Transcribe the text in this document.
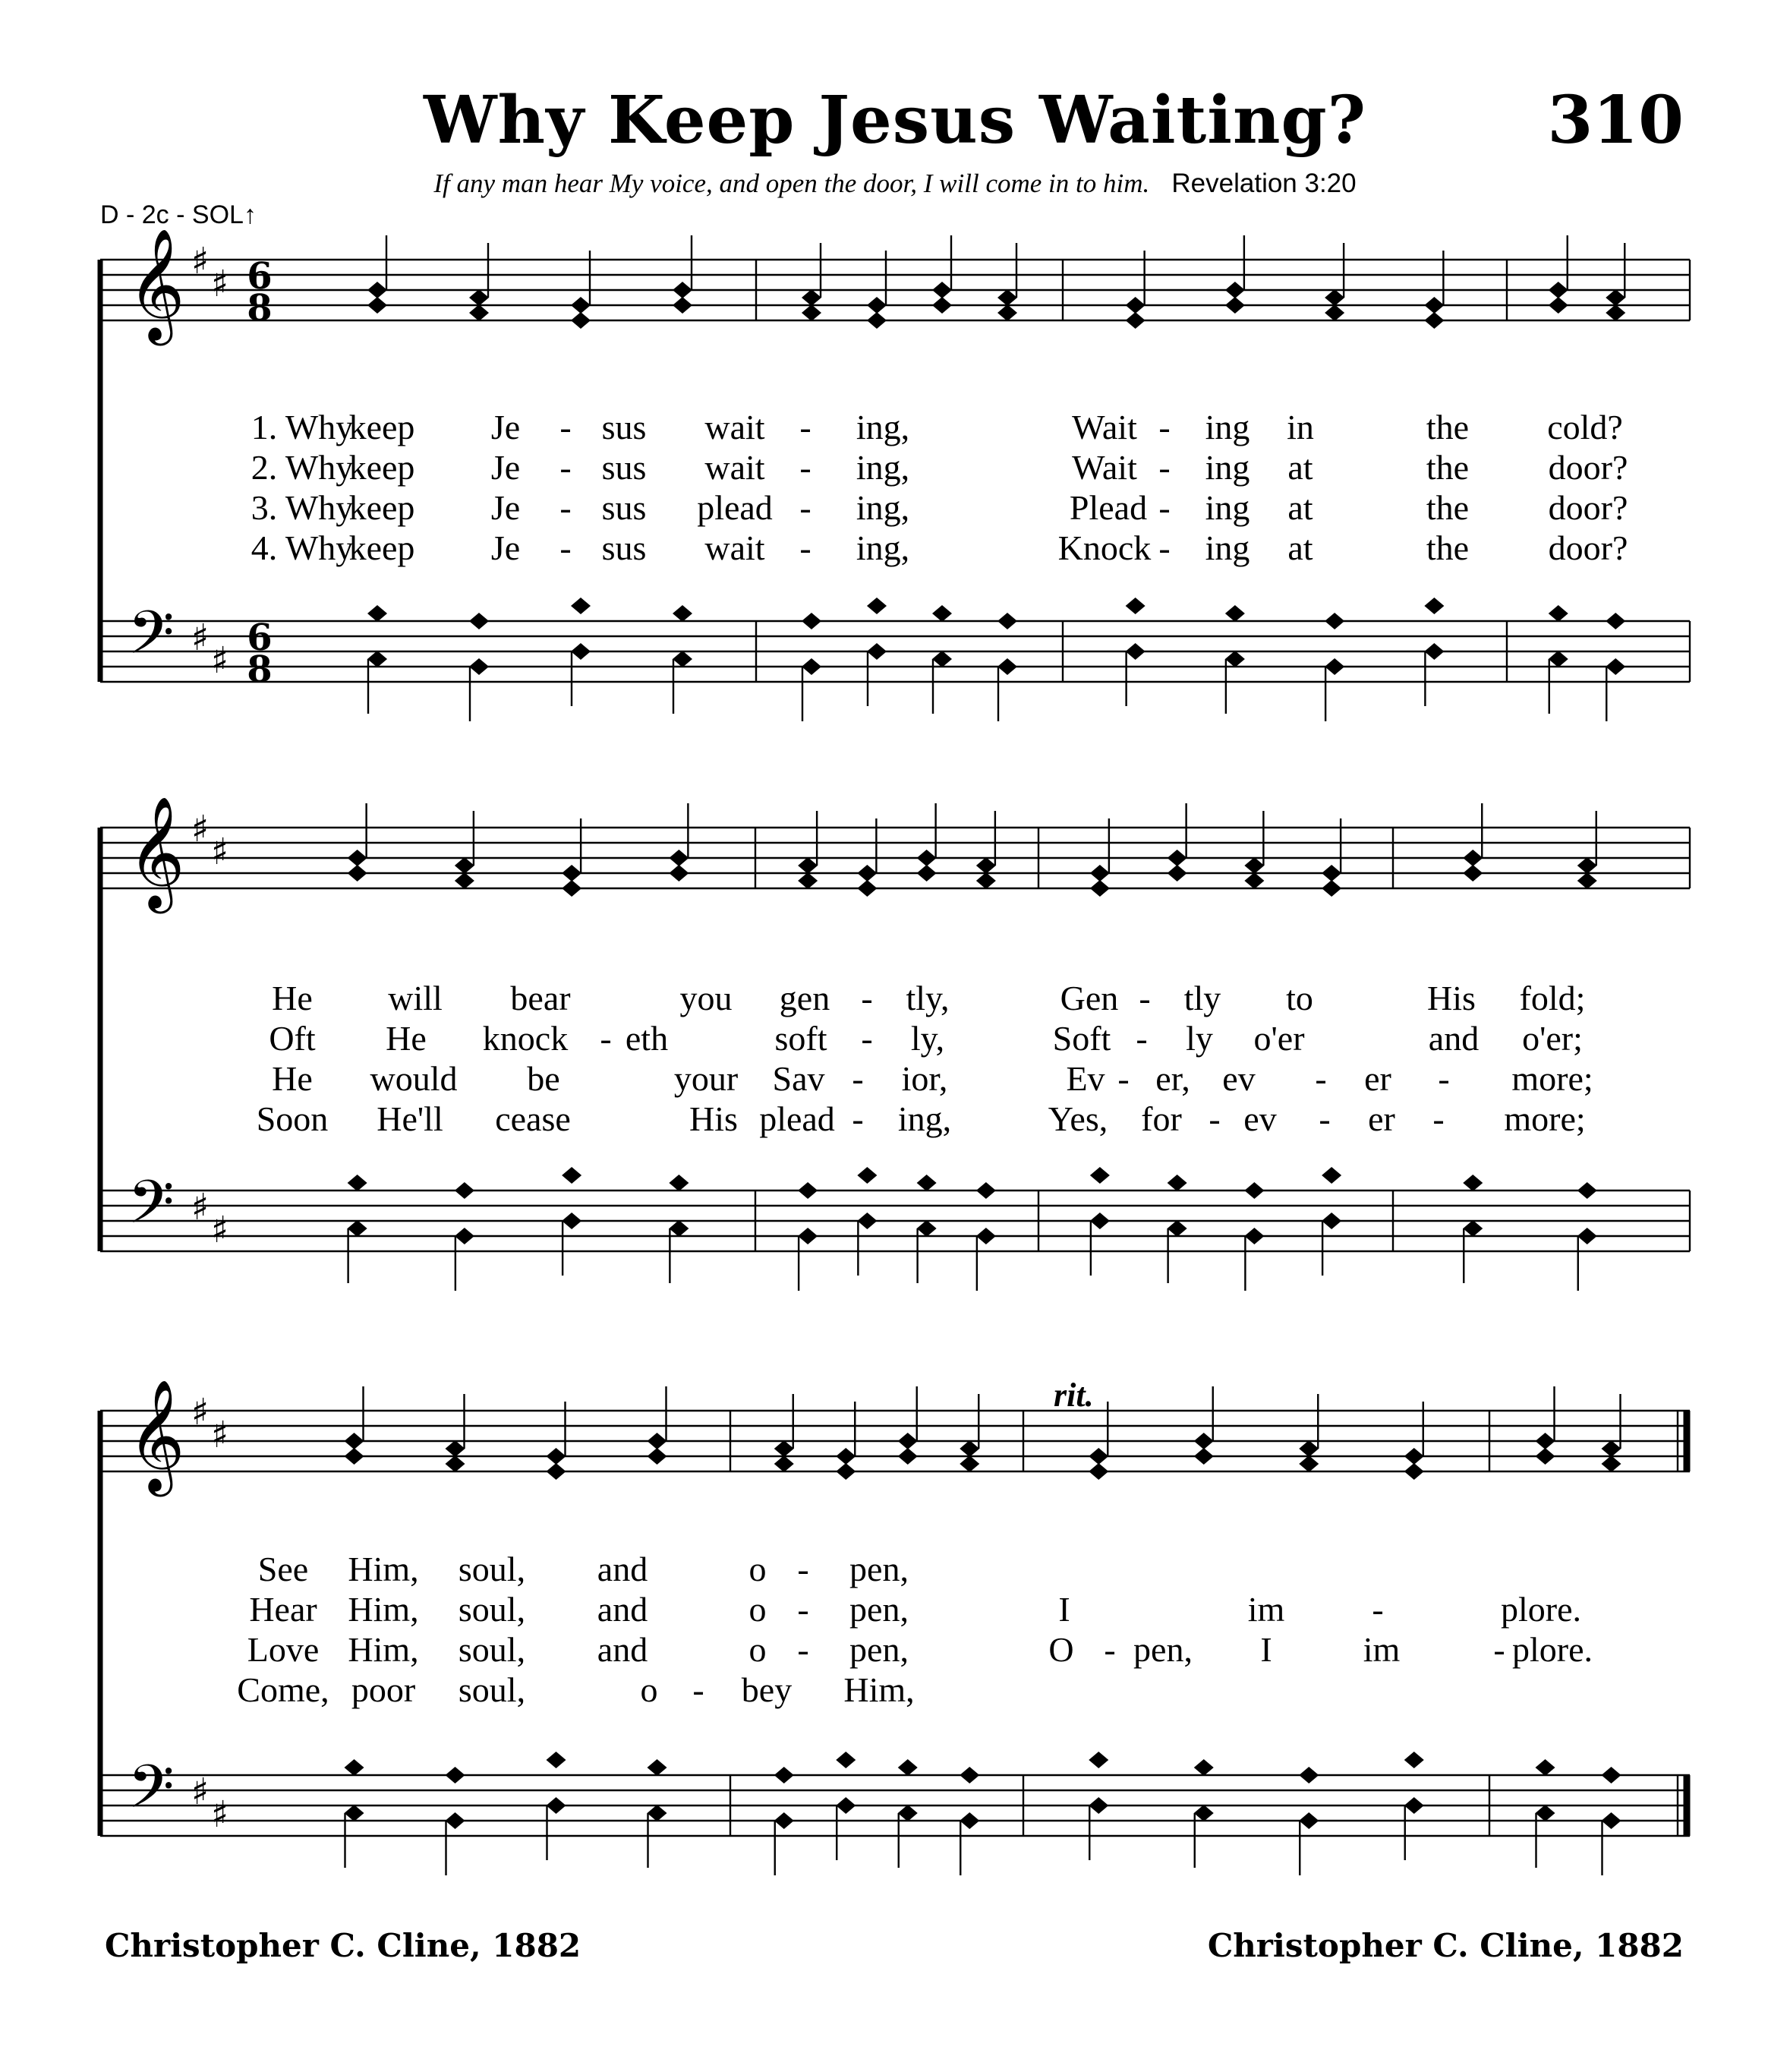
Why Keep Jesus Waiting?	310
If any man hear My voice, and open the door, I will come in to him. Revelation 3:20
D - 2c - SOL↑
𝄞
𝄢
♯
♯
♯
♯
6
8
6
8
1. Why
keep Je - sus wait - ing,	Wait - ing in	the cold?
2. Why
keep Je - sus wait - ing,	Wait - ing at	the door?
3. Why
keep Je - sus plead - ing,	Plead - ing at	the door?
4. Why
keep Je - sus wait - ing,	Knock - ing at	the door?
𝄞
𝄢
♯
♯
♯
♯
He will bear	you gen - tly,	Gen - tly to	His fold;
Oft He knock - eth	soft - ly,	Soft - ly o'er	and o'er;
He would be	your Sav - ior,	Ev - er, ev - er - more;
Soon He'll cease	His plead - ing,	Yes, for - ev - er - more;
𝄞
𝄢
♯
♯
♯
♯
See Him, soul, and	o - pen,
Hear Him, soul, and	o - pen,	I	im	-	plore.
Love Him, soul, and	o - pen,	O - pen, I	im	- plore.
Come, poor soul,	o - bey Him,
rit.
Christopher C. Cline, 1882	Christopher C. Cline, 1882
